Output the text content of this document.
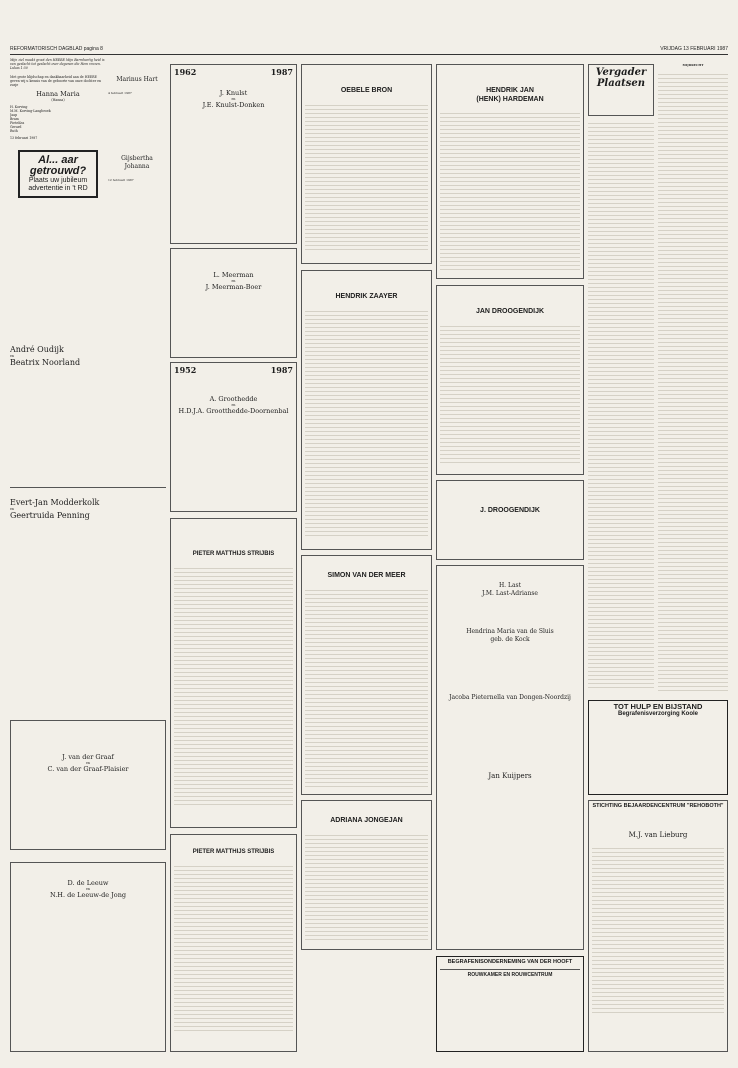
REFORMATORISCH DAGBLAD pagina 8	VRIJDAG 13 FEBRUARI 1987
Mijn ziel maakt groot den HEERE Mijn Barmhartig heid is van geslacht tot geslacht over degenen die Hem vrezen.
Lukas 1:50
Met grote blijdschap en dankbaarheid aan de HEERE geven wij u kennis van de geboorte van onze dochter en zusje
Hanna Maria
(Hanna)
H. Korving
M.M. Korving-Langbroek
Jaap
Bram
PieteKea
Gerard
Ruth
13 februari 1987
Al... aar getrouwd?
Plaats uw jubileum advertentie in 't RD

Marinus Hart
4 februari 1987
Gijsbertha Johanna
12 februari 1987
André Oudijk
en
Beatrix Noorland
Evert-Jan Modderkolk
en
Geertruida Penning
J. van der Graaf
en
C. van der Graaf-Plaisier
D. de Leeuw
en
N.H. de Leeuw-de Jong
1962	1987
J. Knulst
en
J.E. Knulst-Donken
L. Meerman
en
J. Meerman-Boer
1952	1987
A. Groothedde
en
H.D.J.A. Grootthedde-Doornenbal
PIETER MATTHIJS STRIJBIS
PIETER MATTHIJS STRIJBIS
OEBELE BRON
HENDRIK ZAAYER
SIMON VAN DER MEER
ADRIANA JONGEJAN
BEGRAFENISONDERNEMING VAN DER HOOFT
ROUWKAMER EN ROUWCENTRUM
HENDRIK JAN
(HENK) HARDEMAN
JAN DROOGENDIJK
J. DROOGENDIJK
H. Last
J.M. Last-Adrianse
Hendrina Maria van de Sluis
geb. de Kock
Jacoba Pieternella van Dongen-Noordzij
Jan Kuijpers
Vergader Plaatsen
MIJDRECHT
TOT HULP EN BIJSTAND
Begrafenisverzorging Koole
STICHTING BEJAARDENCENTRUM "REHOBOTH"
M.J. van Lieburg
